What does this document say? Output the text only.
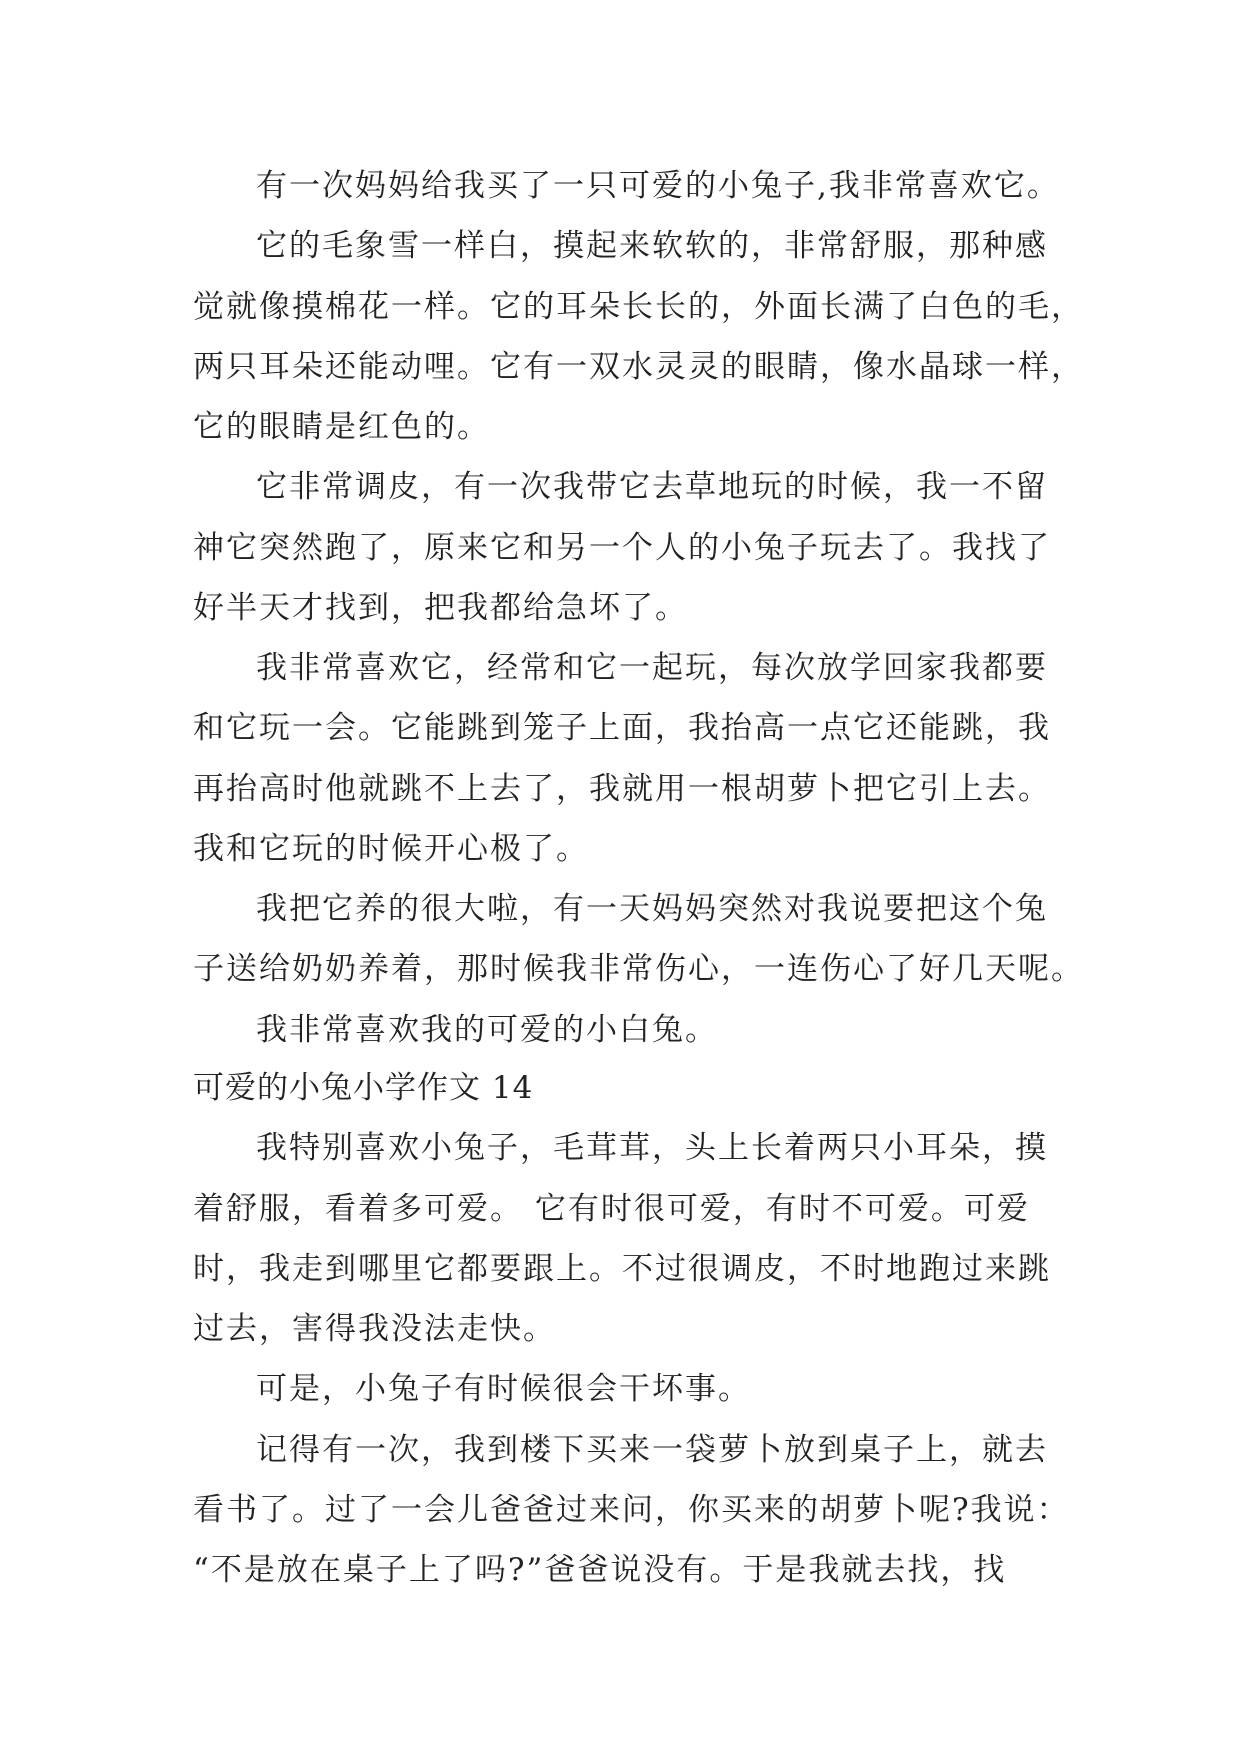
有一次妈妈给我买了一只可爱的小兔子,我非常喜欢它。
它的毛象雪一样白，摸起来软软的，非常舒服，那种感
觉就像摸棉花一样。它的耳朵长长的，外面长满了白色的毛，
两只耳朵还能动哩。它有一双水灵灵的眼睛，像水晶球一样，
它的眼睛是红色的。
它非常调皮，有一次我带它去草地玩的时候，我一不留
神它突然跑了，原来它和另一个人的小兔子玩去了。我找了
好半天才找到，把我都给急坏了。
我非常喜欢它，经常和它一起玩，每次放学回家我都要
和它玩一会。它能跳到笼子上面，我抬高一点它还能跳，我
再抬高时他就跳不上去了，我就用一根胡萝卜把它引上去。
我和它玩的时候开心极了。
我把它养的很大啦，有一天妈妈突然对我说要把这个兔
子送给奶奶养着，那时候我非常伤心，一连伤心了好几天呢。
我非常喜欢我的可爱的小白兔。
可爱的小兔小学作文 14
我特别喜欢小兔子，毛茸茸，头上长着两只小耳朵，摸
着舒服，看着多可爱。 它有时很可爱，有时不可爱。可爱
时，我走到哪里它都要跟上。不过很调皮，不时地跑过来跳
过去，害得我没法走快。
可是，小兔子有时候很会干坏事。
记得有一次，我到楼下买来一袋萝卜放到桌子上，就去
看书了。过了一会儿爸爸过来问，你买来的胡萝卜呢?我说：
“不是放在桌子上了吗?”爸爸说没有。于是我就去找，找
